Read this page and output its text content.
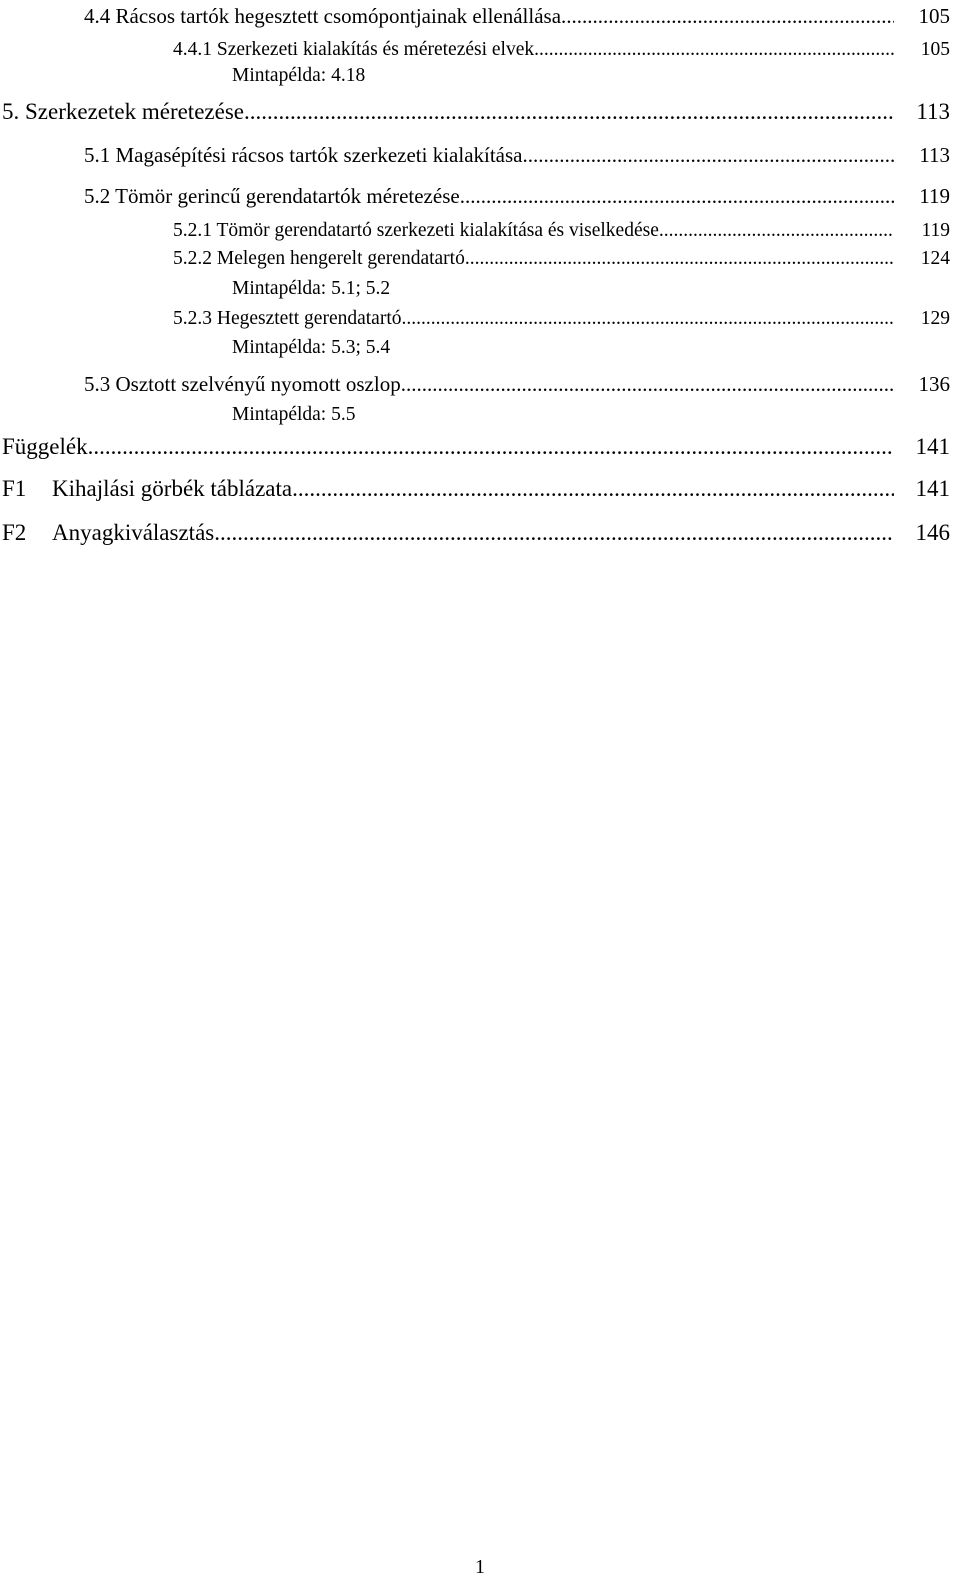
4.4 Rácsos tartók hegesztett csomópontjainak ellenállása .....	105
4.4.1 Szerkezeti kialakítás és méretezési elvek .....	105
Mintapélda: 4.18
5. Szerkezetek méretezése .....	113
5.1 Magasépítési rácsos tartók szerkezeti kialakítása .....	113
5.2 Tömör gerincű gerendatartók méretezése .....	119
5.2.1 Tömör gerendatartó szerkezeti kialakítása és viselkedése .....	119
5.2.2 Melegen hengerelt gerendatartó .....	124
Mintapélda: 5.1; 5.2
5.2.3 Hegesztett gerendatartó .....	129
Mintapélda: 5.3; 5.4
5.3 Osztott szelvényű nyomott oszlop .....	136
Mintapélda: 5.5
Függelék .....	141
F1	Kihajlási görbék táblázata .....	141
F2	Anyagkiválasztás .....	146
1
